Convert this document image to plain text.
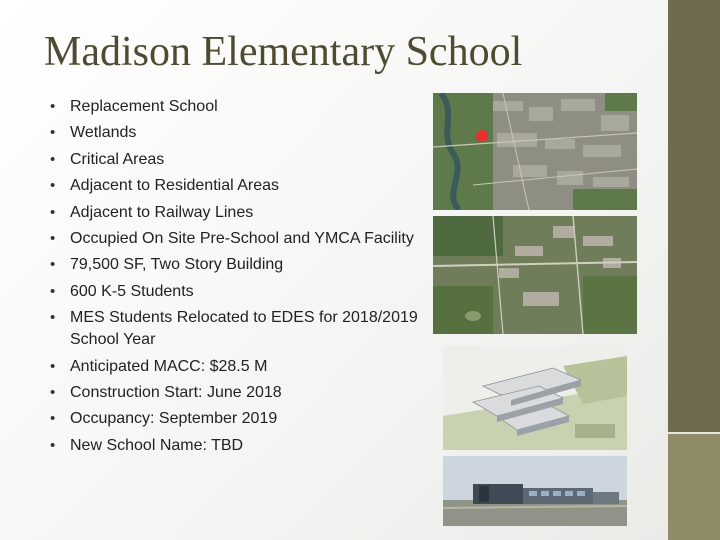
Madison Elementary School
• Replacement School
• Wetlands
• Critical Areas
• Adjacent to Residential Areas
• Adjacent to Railway Lines
• Occupied On Site Pre-School and YMCA Facility
• 79,500 SF, Two Story Building
• 600 K-5 Students
• MES Students Relocated to EDES for 2018/2019 School Year
• Anticipated MACC: $28.5 M
• Construction Start: June 2018
• Occupancy: September 2019
• New School Name: TBD
